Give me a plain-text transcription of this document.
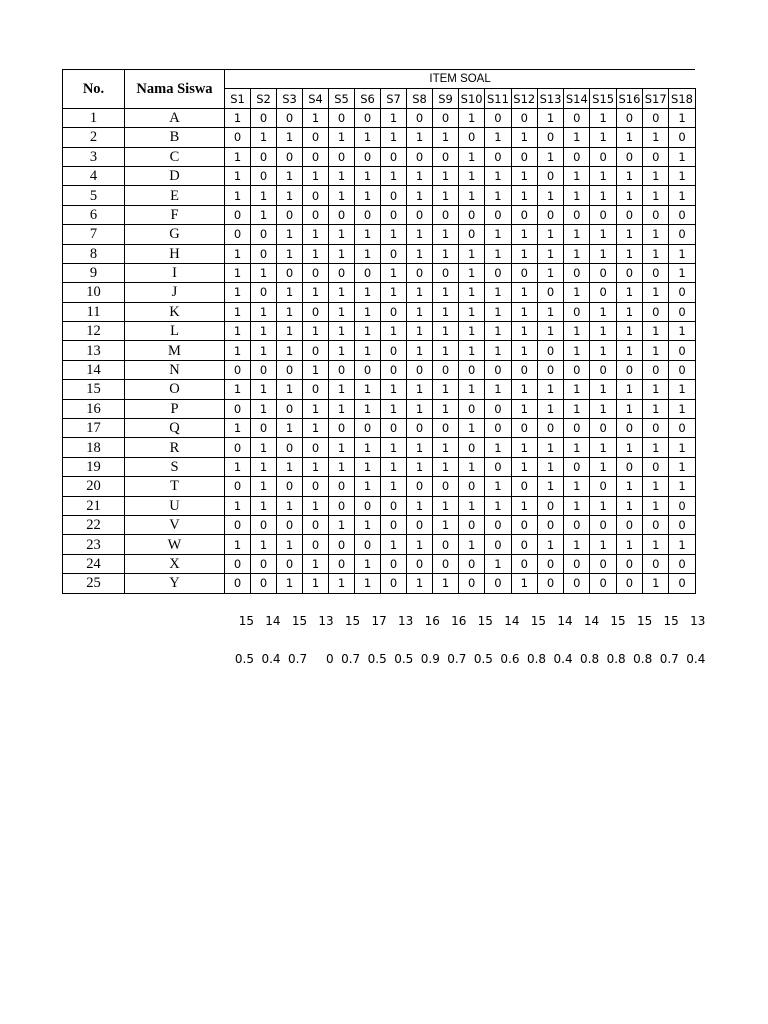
No.	Nama Siswa	ITEM SOAL																	
		S1	S2	S3	S4	S5	S6	S7	S8	S9	S10	S11	S12	S13	S14	S15	S16	S17	S18
1	A	1	0	0	1	0	0	1	0	0	1	0	0	1	0	1	0	0	1
2	B	0	1	1	0	1	1	1	1	1	0	1	1	0	1	1	1	1	0
3	C	1	0	0	0	0	0	0	0	0	1	0	0	1	0	0	0	0	1
4	D	1	0	1	1	1	1	1	1	1	1	1	1	0	1	1	1	1	1
5	E	1	1	1	0	1	1	0	1	1	1	1	1	1	1	1	1	1	1
6	F	0	1	0	0	0	0	0	0	0	0	0	0	0	0	0	0	0	0
7	G	0	0	1	1	1	1	1	1	1	0	1	1	1	1	1	1	1	0
8	H	1	0	1	1	1	1	0	1	1	1	1	1	1	1	1	1	1	1
9	I	1	1	0	0	0	0	1	0	0	1	0	0	1	0	0	0	0	1
10	J	1	0	1	1	1	1	1	1	1	1	1	1	0	1	0	1	1	0
11	K	1	1	1	0	1	1	0	1	1	1	1	1	1	0	1	1	0	0
12	L	1	1	1	1	1	1	1	1	1	1	1	1	1	1	1	1	1	1
13	M	1	1	1	0	1	1	0	1	1	1	1	1	0	1	1	1	1	0
14	N	0	0	0	1	0	0	0	0	0	0	0	0	0	0	0	0	0	0
15	O	1	1	1	0	1	1	1	1	1	1	1	1	1	1	1	1	1	1
16	P	0	1	0	1	1	1	1	1	1	0	0	1	1	1	1	1	1	1
17	Q	1	0	1	1	0	0	0	0	0	1	0	0	0	0	0	0	0	0
18	R	0	1	0	0	1	1	1	1	1	0	1	1	1	1	1	1	1	1
19	S	1	1	1	1	1	1	1	1	1	1	0	1	1	0	1	0	0	1
20	T	0	1	0	0	0	1	1	0	0	0	1	0	1	1	0	1	1	1
21	U	1	1	1	1	0	0	0	1	1	1	1	1	0	1	1	1	1	0
22	V	0	0	0	0	1	1	0	0	1	0	0	0	0	0	0	0	0	0
23	W	1	1	1	0	0	0	1	1	0	1	0	0	1	1	1	1	1	1
24	X	0	0	0	1	0	1	0	0	0	0	1	0	0	0	0	0	0	0
25	Y	0	0	1	1	1	1	0	1	1	0	0	1	0	0	0	0	1	0
15 14 15 13 15 17 13 16 16 15 14 15 14 14 15 15 15 13
0.5 0.4 0.7	0 0.7 0.5 0.5 0.9 0.7 0.5 0.6 0.8 0.4 0.8 0.8 0.8 0.7 0.4
